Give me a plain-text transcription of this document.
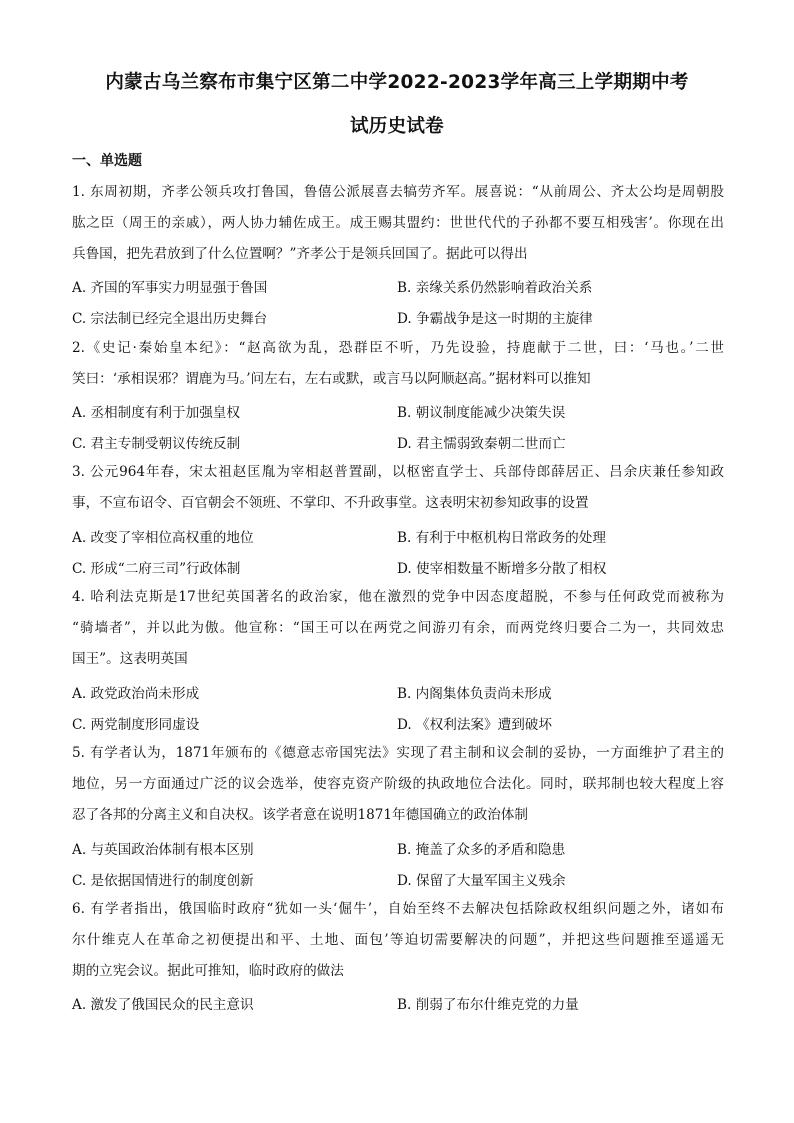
内蒙古乌兰察布市集宁区第二中学2022-2023学年高三上学期期中考
试历史试卷
一、单选题
1. 东周初期，齐孝公领兵攻打鲁国，鲁僖公派展喜去犒劳齐军。展喜说：“从前周公、齐太公均是周朝股
肱之臣（周王的亲戚），两人协力辅佐成王。成王赐其盟约：世世代代的子孙都不要互相残害’。你现在出
兵鲁国，把先君放到了什么位置啊？”齐孝公于是领兵回国了。据此可以得出
A. 齐国的军事实力明显强于鲁国	B. 亲缘关系仍然影响着政治关系
C. 宗法制已经完全退出历史舞台	D. 争霸战争是这一时期的主旋律
2.《史记·秦始皇本纪》：“赵高欲为乱，恐群臣不听，乃先设验，持鹿献于二世，曰：‘马也。’二世
笑曰：‘承相误邪？谓鹿为马。’问左右，左右或默，或言马以阿顺赵高。”据材料可以推知
A. 丞相制度有利于加强皇权	B. 朝议制度能减少决策失误
C. 君主专制受朝议传统反制	D. 君主懦弱致秦朝二世而亡
3. 公元964年春，宋太祖赵匡胤为宰相赵普置副，以枢密直学士、兵部侍郎薛居正、吕余庆兼任参知政
事，不宣布诏令、百官朝会不领班、不掌印、不升政事堂。这表明宋初参知政事的设置
A. 改变了宰相位高权重的地位	B. 有利于中枢机构日常政务的处理
C. 形成“二府三司”行政体制	D. 使宰相数量不断增多分散了相权
4. 哈利法克斯是17世纪英国著名的政治家，他在激烈的党争中因态度超脱，不参与任何政党而被称为
“骑墙者”，并以此为傲。他宣称：“国王可以在两党之间游刃有余，而两党终归要合二为一，共同效忠
国王”。这表明英国
A. 政党政治尚未形成	B. 内阁集体负责尚未形成
C. 两党制度形同虚设	D. 《权利法案》遭到破坏
5. 有学者认为，1871年颁布的《德意志帝国宪法》实现了君主制和议会制的妥协，一方面维护了君主的
地位，另一方面通过广泛的议会选举，使容克资产阶级的执政地位合法化。同时，联邦制也较大程度上容
忍了各邦的分离主义和自决权。该学者意在说明1871年德国确立的政治体制
A. 与英国政治体制有根本区别	B. 掩盖了众多的矛盾和隐患
C. 是依据国情进行的制度创新	D. 保留了大量军国主义残余
6. 有学者指出，俄国临时政府“犹如一头‘倔牛’，自始至终不去解决包括除政权组织问题之外，诸如布
尔什维克人在革命之初便提出和平、土地、面包’等迫切需要解决的问题”，并把这些问题推至遥遥无
期的立宪会议。据此可推知，临时政府的做法
A. 激发了俄国民众的民主意识	B. 削弱了布尔什维克党的力量
